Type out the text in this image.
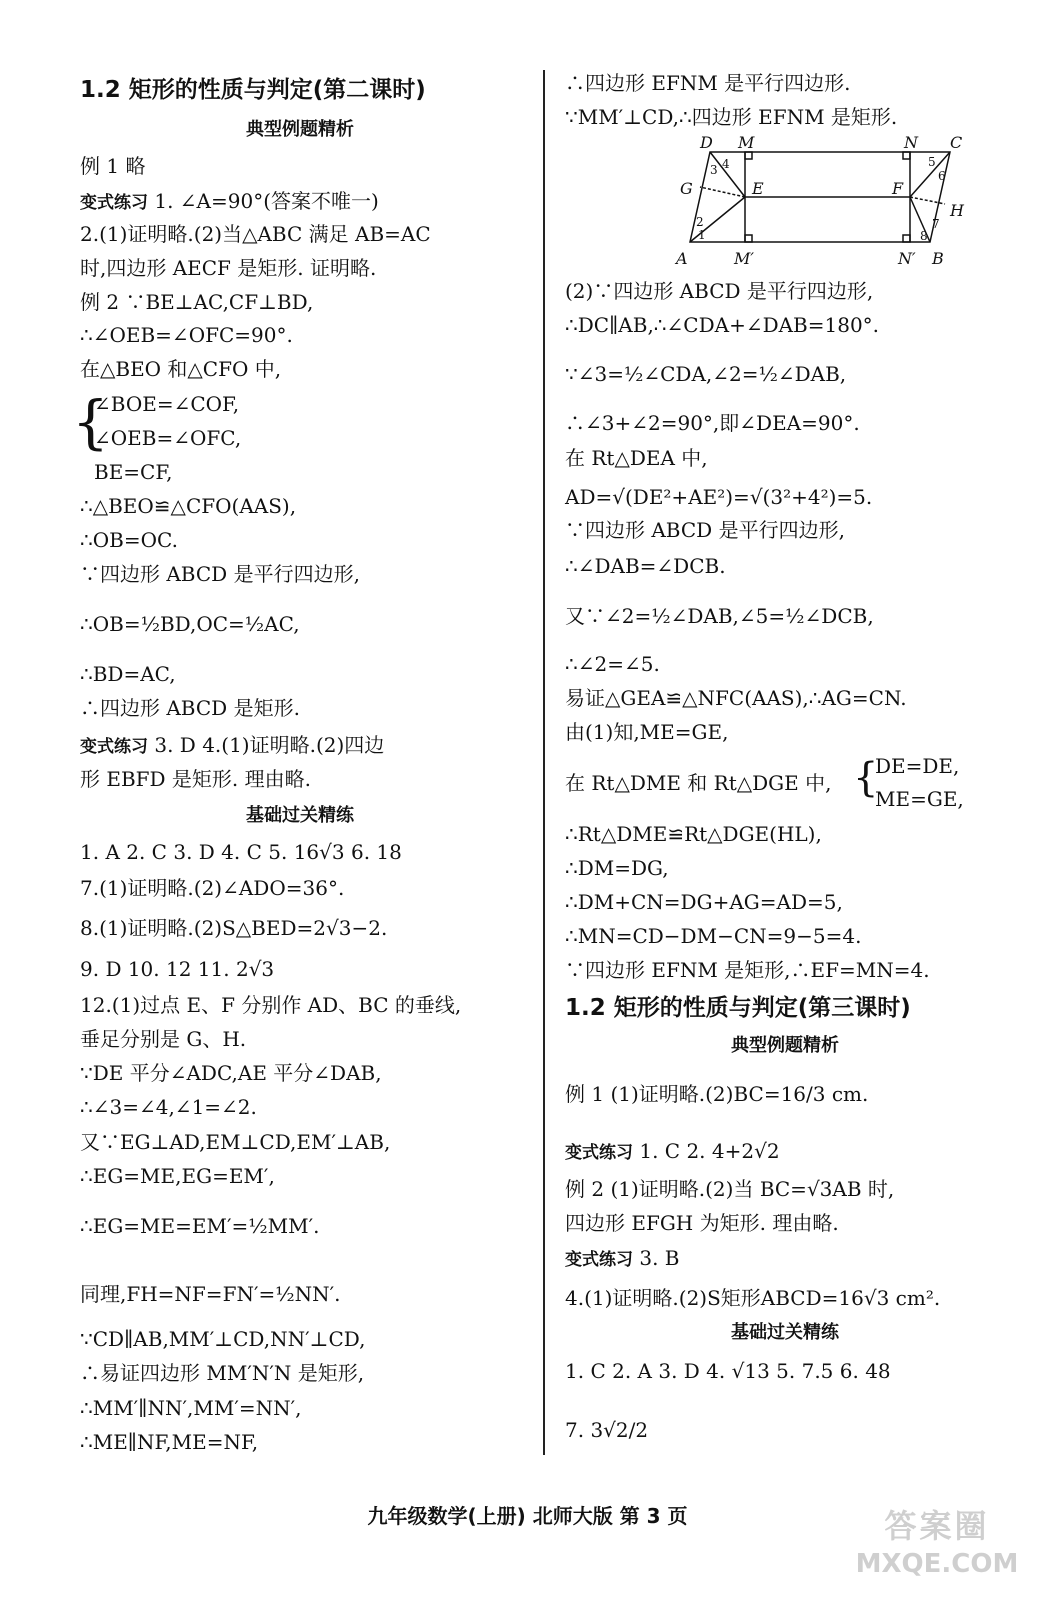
1.2 矩形的性质与判定(第二课时)
典型例题精析
例 1 略
变式练习 1. ∠A=90°(答案不唯一)
2.(1)证明略.(2)当△ABC 满足 AB=AC
时,四边形 AECF 是矩形. 证明略.
例 2 ∵BE⊥AC,CF⊥BD,
∴∠OEB=∠OFC=90°.
在△BEO 和△CFO 中,
{
∠BOE=∠COF,
∠OEB=∠OFC,
BE=CF,
∴△BEO≌△CFO(AAS),
∴OB=OC.
∵四边形 ABCD 是平行四边形,
∴OB=½BD,OC=½AC,
∴BD=AC,
∴四边形 ABCD 是矩形.
变式练习 3. D 4.(1)证明略.(2)四边
形 EBFD 是矩形. 理由略.
基础过关精练
1. A 2. C 3. D 4. C 5. 16√3 6. 18
7.(1)证明略.(2)∠ADO=36°.
8.(1)证明略.(2)S△BED=2√3−2.
9. D 10. 12 11. 2√3
12.(1)过点 E、F 分别作 AD、BC 的垂线,
垂足分别是 G、H.
∵DE 平分∠ADC,AE 平分∠DAB,
∴∠3=∠4,∠1=∠2.
又∵EG⊥AD,EM⊥CD,EM′⊥AB,
∴EG=ME,EG=EM′,
∴EG=ME=EM′=½MM′.
同理,FH=NF=FN′=½NN′.
∵CD∥AB,MM′⊥CD,NN′⊥CD,
∴易证四边形 MM′N′N 是矩形,
∴MM′∥NN′,MM′=NN′,
∴ME∥NF,ME=NF,
∴四边形 EFNM 是平行四边形.
∵MM′⊥CD,∴四边形 EFNM 是矩形.
D M	N C
G	E	F
H
A	M′	N′ B
1
2
3 4	5
6
7
8
(2)∵四边形 ABCD 是平行四边形,
∴DC∥AB,∴∠CDA+∠DAB=180°.
∵∠3=½∠CDA,∠2=½∠DAB,
∴∠3+∠2=90°,即∠DEA=90°.
在 Rt△DEA 中,
AD=√(DE²+AE²)=√(3²+4²)=5.
∵四边形 ABCD 是平行四边形,
∴∠DAB=∠DCB.
又∵∠2=½∠DAB,∠5=½∠DCB,
∴∠2=∠5.
易证△GEA≌△NFC(AAS),∴AG=CN.
由(1)知,ME=GE,
在 Rt△DME 和 Rt△DGE 中, {
DE=DE,
ME=GE,
∴Rt△DME≌Rt△DGE(HL),
∴DM=DG,
∴DM+CN=DG+AG=AD=5,
∴MN=CD−DM−CN=9−5=4.
∵四边形 EFNM 是矩形,∴EF=MN=4.
1.2 矩形的性质与判定(第三课时)
典型例题精析
例 1 (1)证明略.(2)BC=16/3 cm.
变式练习 1. C 2. 4+2√2
例 2 (1)证明略.(2)当 BC=√3AB 时,
四边形 EFGH 为矩形. 理由略.
变式练习 3. B
4.(1)证明略.(2)S矩形ABCD=16√3 cm².
基础过关精练
1. C 2. A 3. D 4. √13 5. 7.5 6. 48
7. 3√2/2
九年级数学(上册) 北师大版 第 3 页	答案圈
MXQE.COM
